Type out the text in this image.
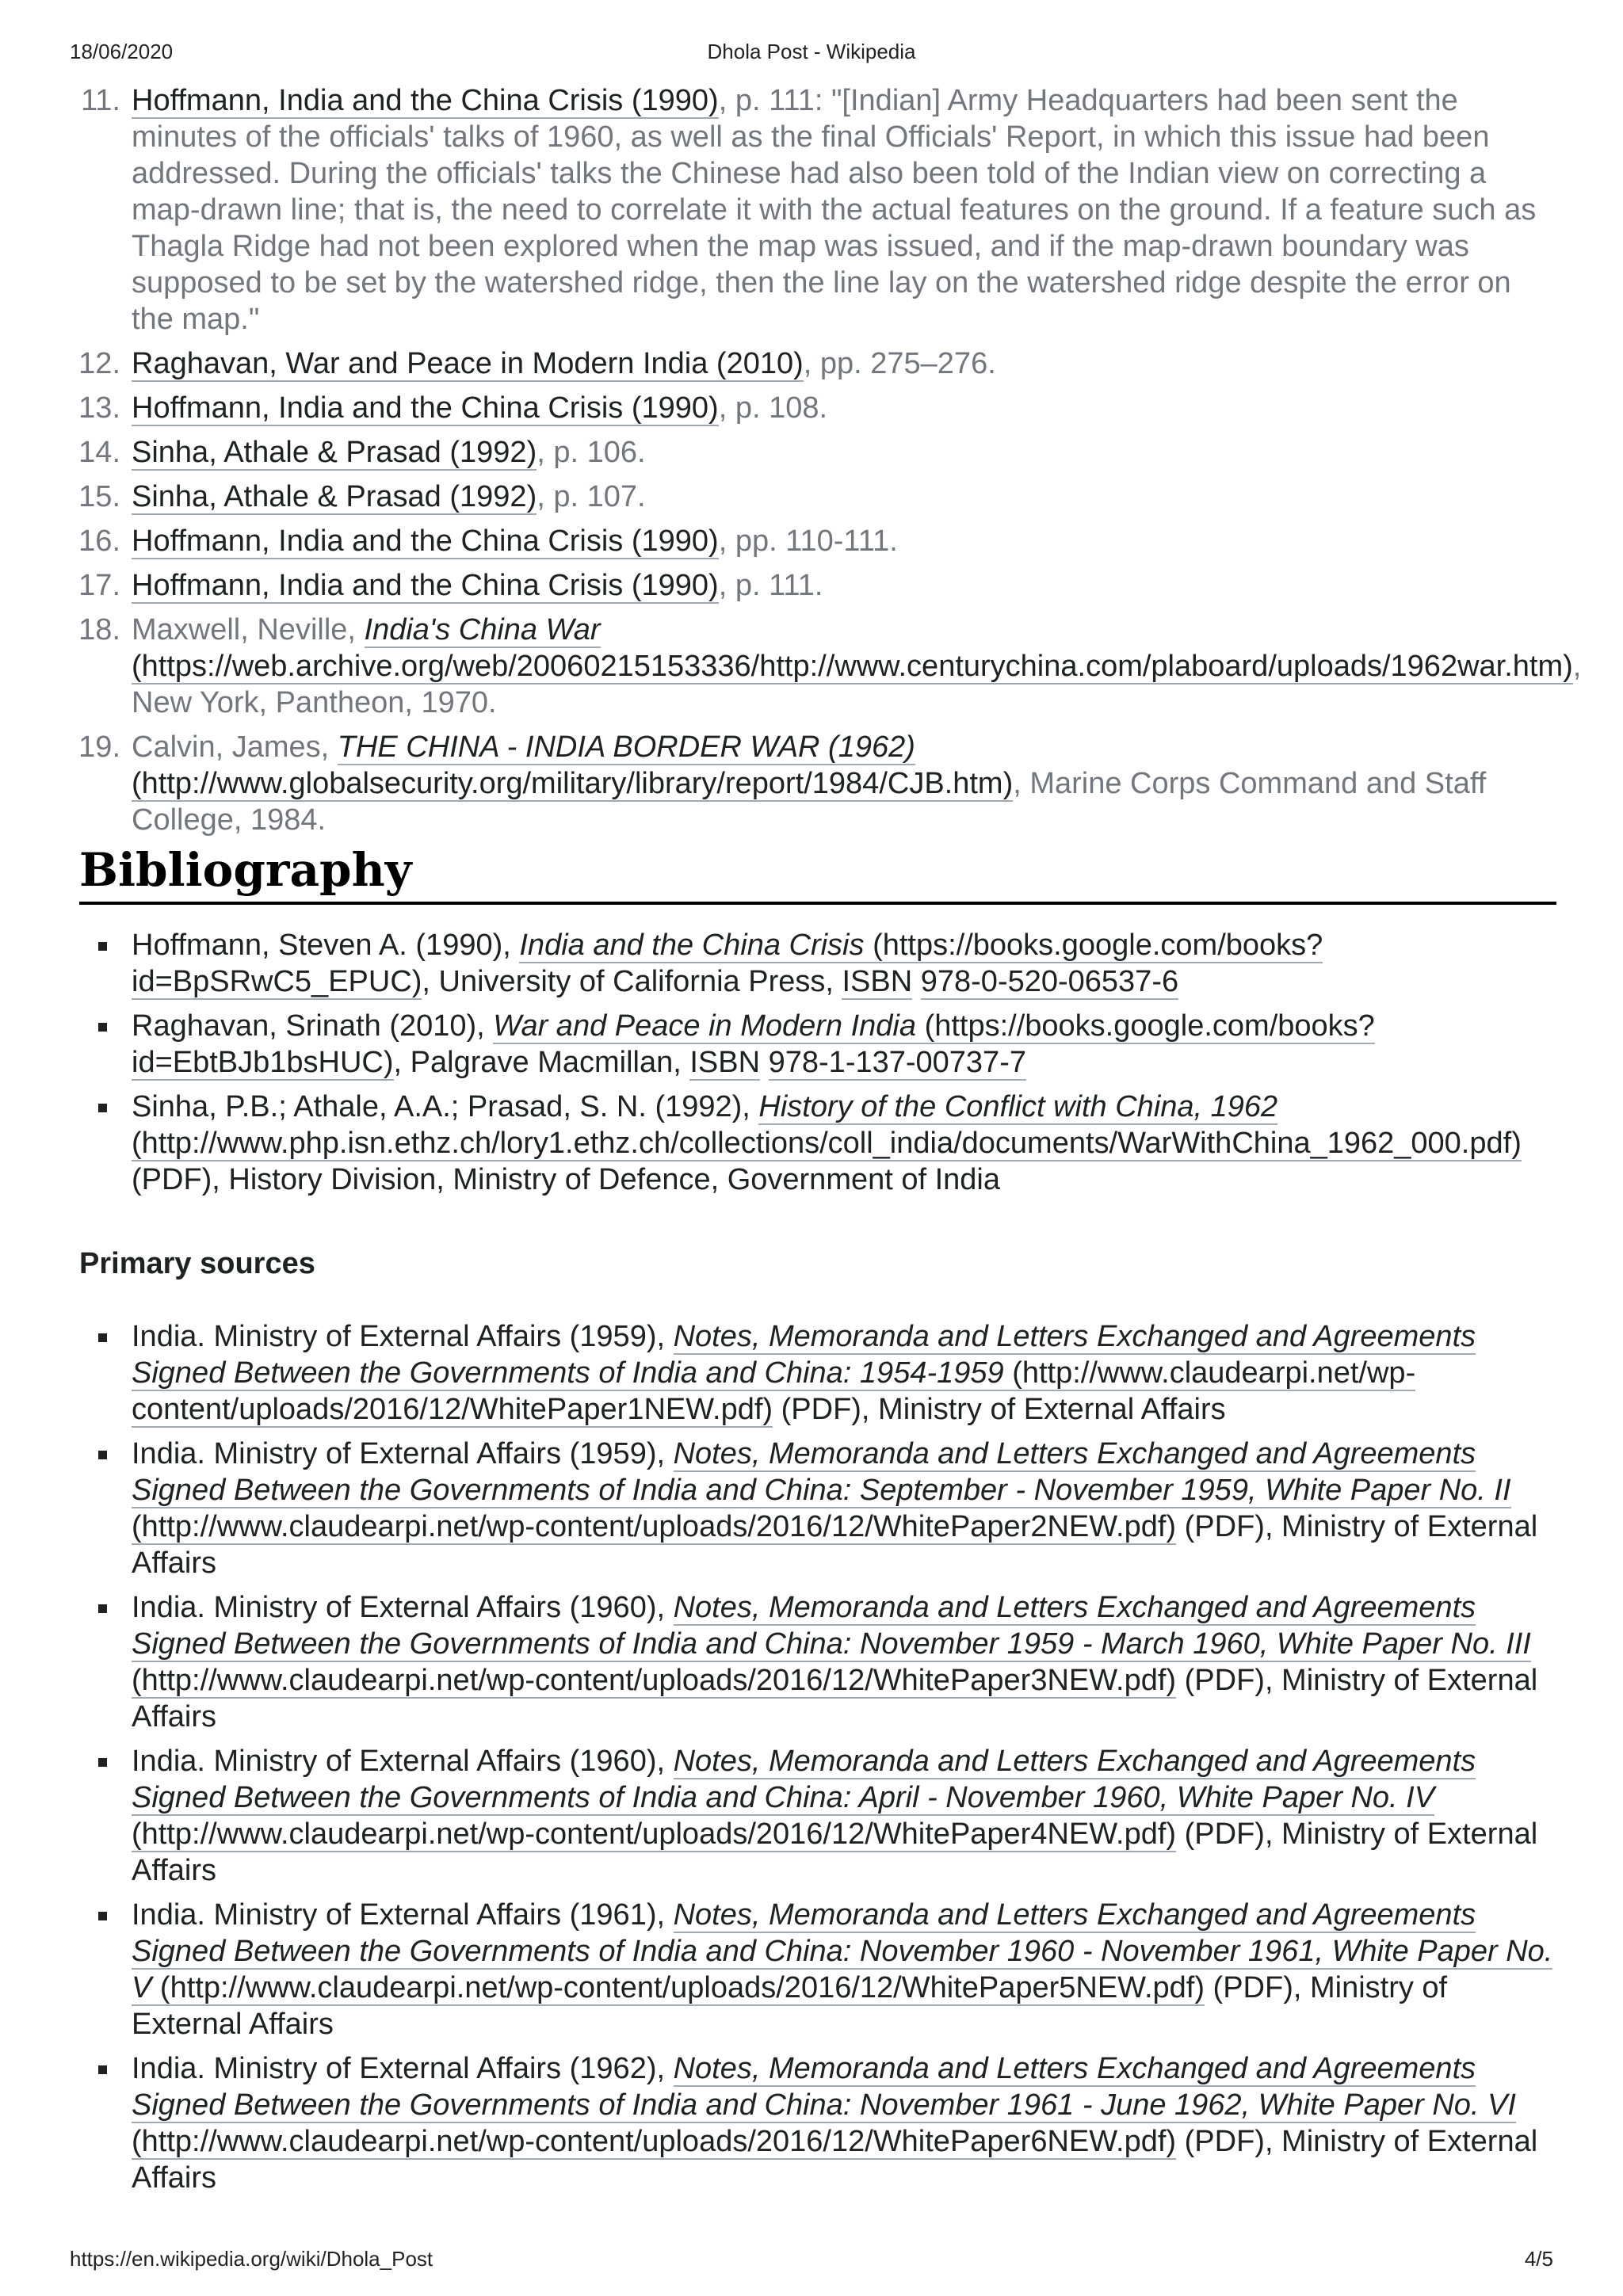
18/06/2020	Dhola Post - Wikipedia
11. Hoffmann, India and the China Crisis (1990), p. 111: "[Indian] Army Headquarters had been sent the minutes of the officials' talks of 1960, as well as the final Officials' Report, in which this issue had been addressed. During the officials' talks the Chinese had also been told of the Indian view on correcting a map-drawn line; that is, the need to correlate it with the actual features on the ground. If a feature such as Thagla Ridge had not been explored when the map was issued, and if the map-drawn boundary was supposed to be set by the watershed ridge, then the line lay on the watershed ridge despite the error on the map."
12. Raghavan, War and Peace in Modern India (2010), pp. 275–276.
13. Hoffmann, India and the China Crisis (1990), p. 108.
14. Sinha, Athale & Prasad (1992), p. 106.
15. Sinha, Athale & Prasad (1992), p. 107.
16. Hoffmann, India and the China Crisis (1990), pp. 110-111.
17. Hoffmann, India and the China Crisis (1990), p. 111.
18. Maxwell, Neville, India's China War (https://web.archive.org/web/20060215153336/http://www.centurychina.com/plaboard/uploads/1962war.htm), New York, Pantheon, 1970.
19. Calvin, James, THE CHINA - INDIA BORDER WAR (1962) (http://www.globalsecurity.org/military/library/report/1984/CJB.htm), Marine Corps Command and Staff College, 1984.
Bibliography
Hoffmann, Steven A. (1990), India and the China Crisis (https://books.google.com/books?id=BpSRwC5_EPUC), University of California Press, ISBN 978-0-520-06537-6
Raghavan, Srinath (2010), War and Peace in Modern India (https://books.google.com/books?id=EbtBJb1bsHUC), Palgrave Macmillan, ISBN 978-1-137-00737-7
Sinha, P.B.; Athale, A.A.; Prasad, S. N. (1992), History of the Conflict with China, 1962 (http://www.php.isn.ethz.ch/lory1.ethz.ch/collections/coll_india/documents/WarWithChina_1962_000.pdf) (PDF), History Division, Ministry of Defence, Government of India
Primary sources
India. Ministry of External Affairs (1959), Notes, Memoranda and Letters Exchanged and Agreements Signed Between the Governments of India and China: 1954-1959 (http://www.claudearpi.net/wp-content/uploads/2016/12/WhitePaper1NEW.pdf) (PDF), Ministry of External Affairs
India. Ministry of External Affairs (1959), Notes, Memoranda and Letters Exchanged and Agreements Signed Between the Governments of India and China: September - November 1959, White Paper No. II (http://www.claudearpi.net/wp-content/uploads/2016/12/WhitePaper2NEW.pdf) (PDF), Ministry of External Affairs
India. Ministry of External Affairs (1960), Notes, Memoranda and Letters Exchanged and Agreements Signed Between the Governments of India and China: November 1959 - March 1960, White Paper No. III (http://www.claudearpi.net/wp-content/uploads/2016/12/WhitePaper3NEW.pdf) (PDF), Ministry of External Affairs
India. Ministry of External Affairs (1960), Notes, Memoranda and Letters Exchanged and Agreements Signed Between the Governments of India and China: April - November 1960, White Paper No. IV (http://www.claudearpi.net/wp-content/uploads/2016/12/WhitePaper4NEW.pdf) (PDF), Ministry of External Affairs
India. Ministry of External Affairs (1961), Notes, Memoranda and Letters Exchanged and Agreements Signed Between the Governments of India and China: November 1960 - November 1961, White Paper No. V (http://www.claudearpi.net/wp-content/uploads/2016/12/WhitePaper5NEW.pdf) (PDF), Ministry of External Affairs
India. Ministry of External Affairs (1962), Notes, Memoranda and Letters Exchanged and Agreements Signed Between the Governments of India and China: November 1961 - June 1962, White Paper No. VI (http://www.claudearpi.net/wp-content/uploads/2016/12/WhitePaper6NEW.pdf) (PDF), Ministry of External Affairs
https://en.wikipedia.org/wiki/Dhola_Post	4/5
